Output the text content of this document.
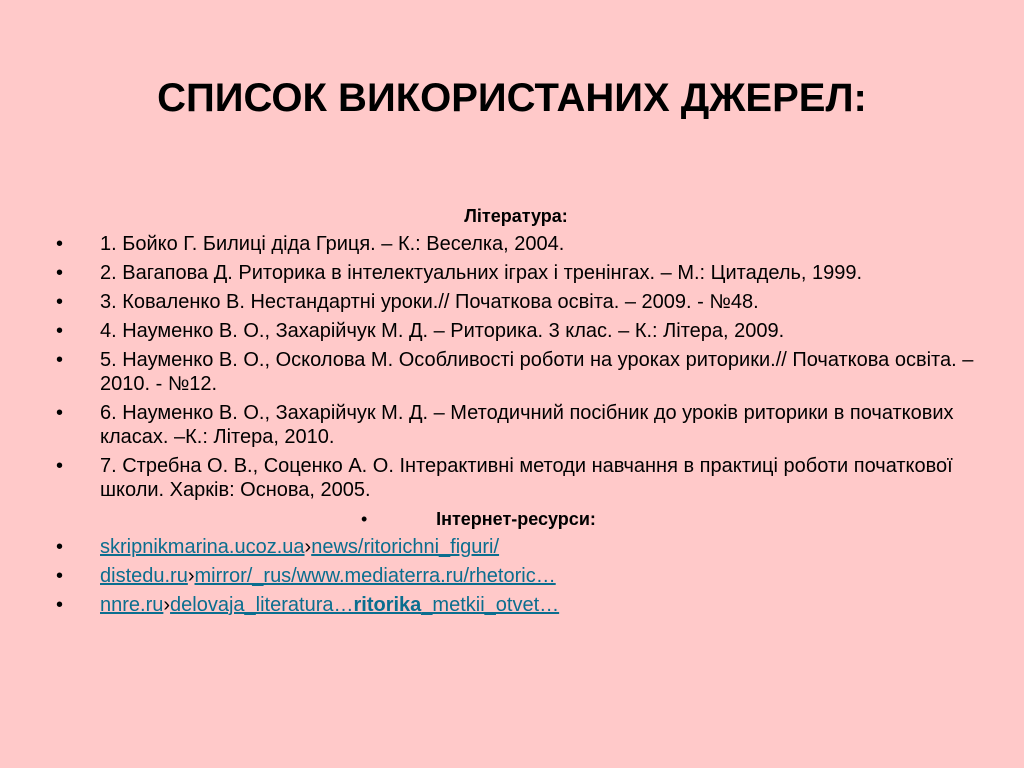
СПИСОК ВИКОРИСТАНИХ ДЖЕРЕЛ:
Література:
•	1. Бойко Г. Билиці діда Гриця. – К.: Веселка, 2004.
•	2. Вагапова Д. Риторика в інтелектуальних іграх і тренінгах. – М.: Цитадель, 1999.
•	3. Коваленко В. Нестандартні уроки.// Початкова освіта. – 2009. - №48.
•	4. Науменко В. О., Захарійчук М. Д. – Риторика. 3 клас. – К.: Літера, 2009.
•	5. Науменко В. О., Осколова М. Особливості роботи на уроках риторики.// Початкова освіта. – 2010. - №12.
•	6. Науменко В. О., Захарійчук М. Д. – Методичний посібник до уроків риторики в початкових класах. –К.: Літера, 2010.
•	7. Стребна О. В., Соценко А. О. Інтерактивні методи навчання в практиці роботи початкової школи. Харків: Основа, 2005.
•	Інтернет-ресурси:
•	skripnikmarina.ucoz.ua›news/ritorichni_figuri/
•	distedu.ru›mirror/_rus/www.mediaterra.ru/rhetoric…
•	nnre.ru›delovaja_literatura…ritorika_metkii_otvet…
